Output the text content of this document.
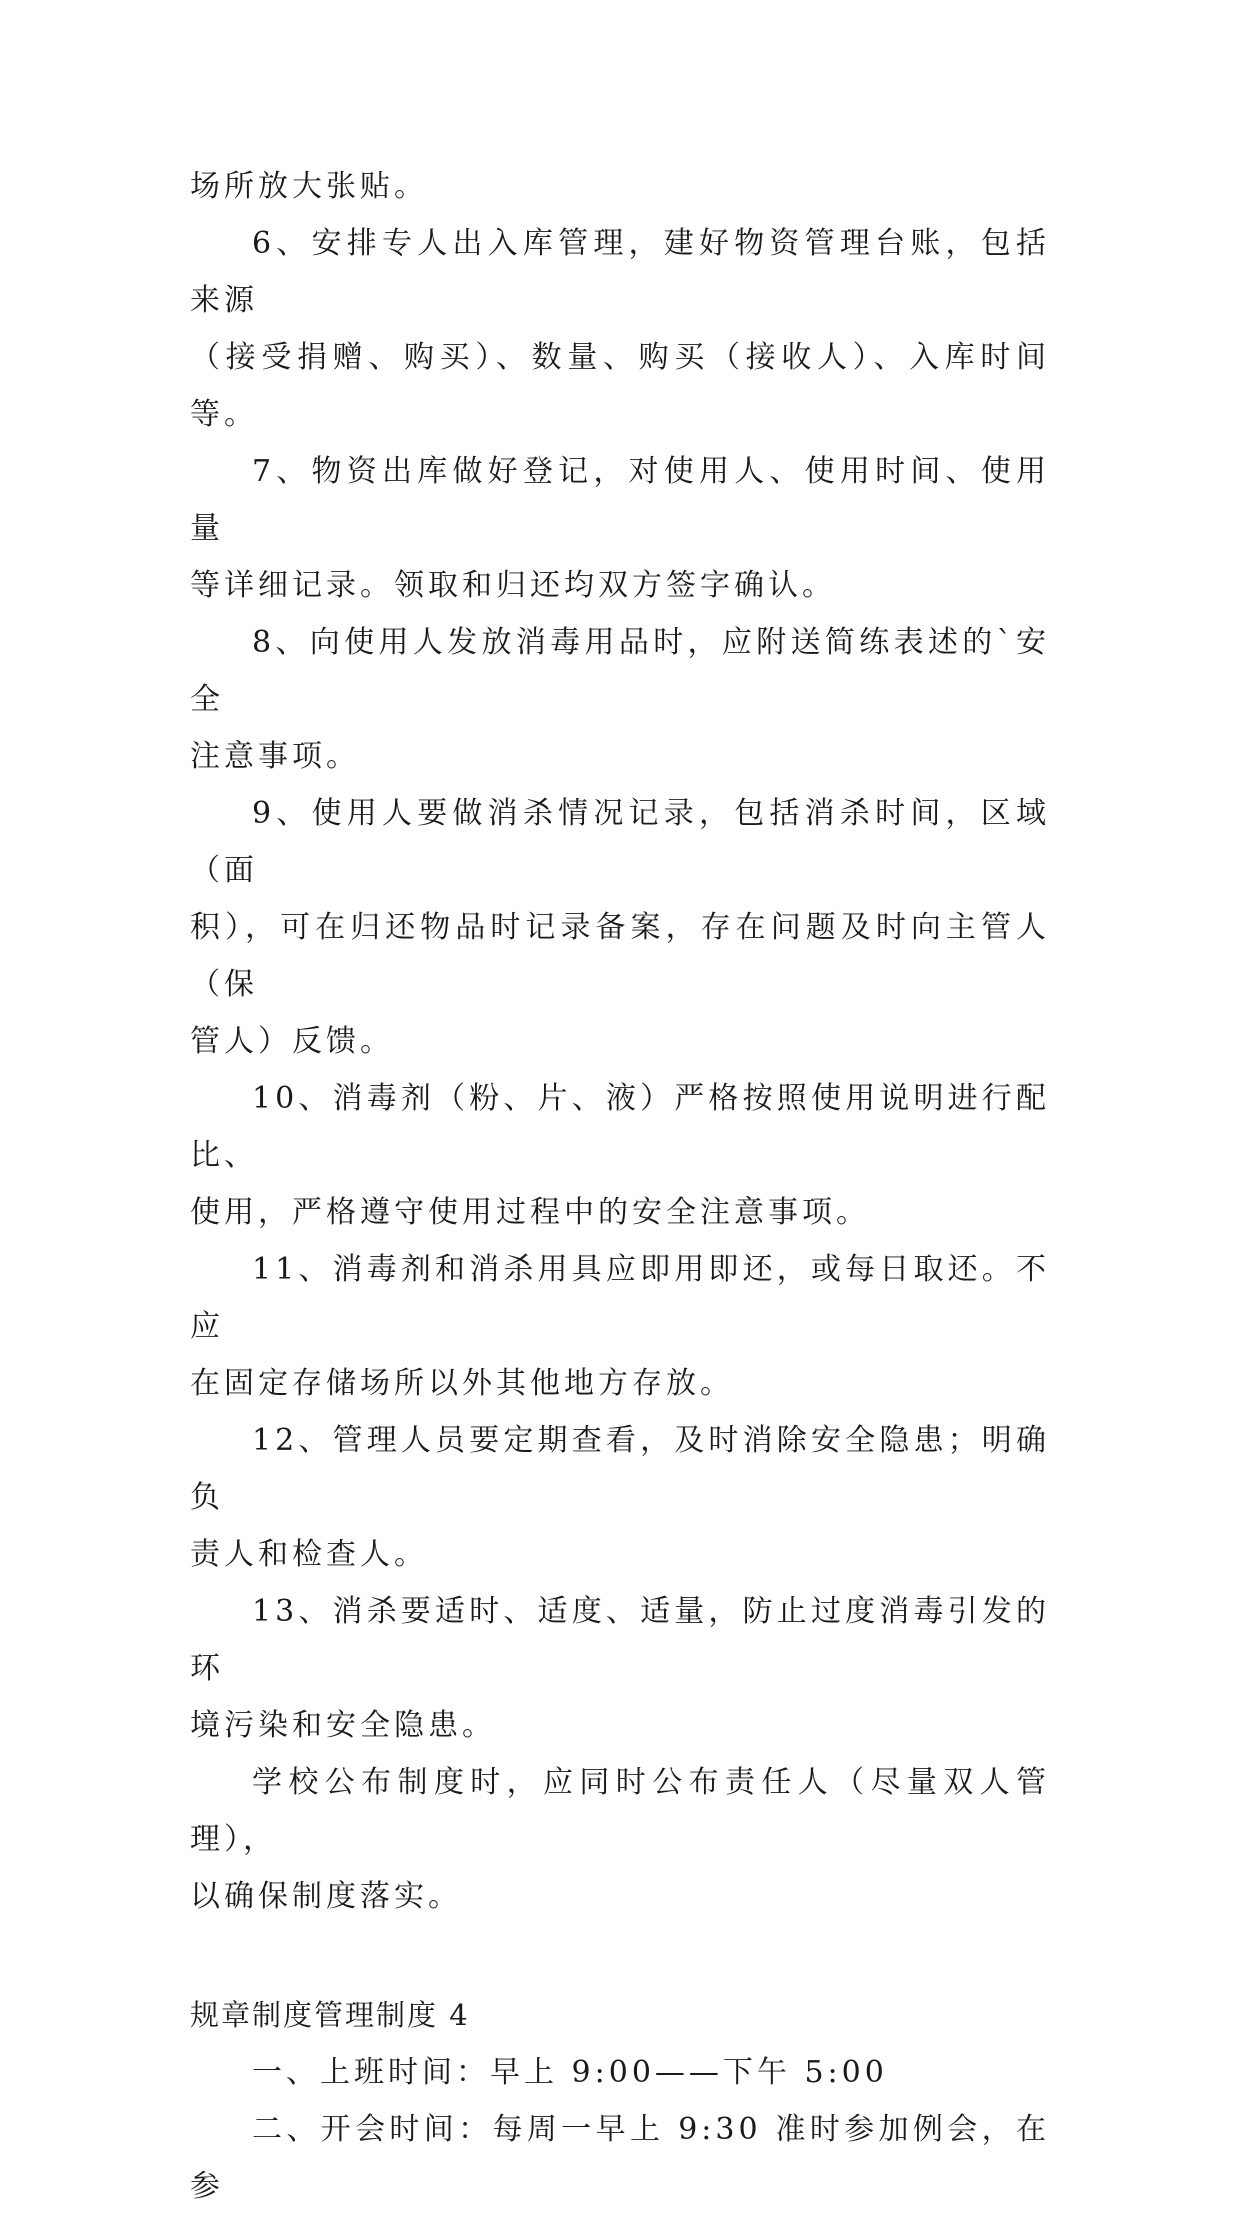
场所放大张贴。

6、安排专人出入库管理，建好物资管理台账，包括来源
（接受捐赠、购买）、数量、购买（接收人）、入库时间等。

7、物资出库做好登记，对使用人、使用时间、使用量
等详细记录。领取和归还均双方签字确认。

8、向使用人发放消毒用品时，应附送简练表述的`安全
注意事项。

9、使用人要做消杀情况记录，包括消杀时间，区域（面
积），可在归还物品时记录备案，存在问题及时向主管人（保
管人）反馈。

10、消毒剂（粉、片、液）严格按照使用说明进行配比、
使用，严格遵守使用过程中的安全注意事项。

11、消毒剂和消杀用具应即用即还，或每日取还。不应
在固定存储场所以外其他地方存放。

12、管理人员要定期查看，及时消除安全隐患；明确负
责人和检查人。

13、消杀要适时、适度、适量，防止过度消毒引发的环
境污染和安全隐患。

学校公布制度时，应同时公布责任人（尽量双人管理），
以确保制度落实。

规章制度管理制度 4

一、上班时间：早上 9:00——下午 5:00

二、开会时间：每周一早上 9:30 准时参加例会，在参
